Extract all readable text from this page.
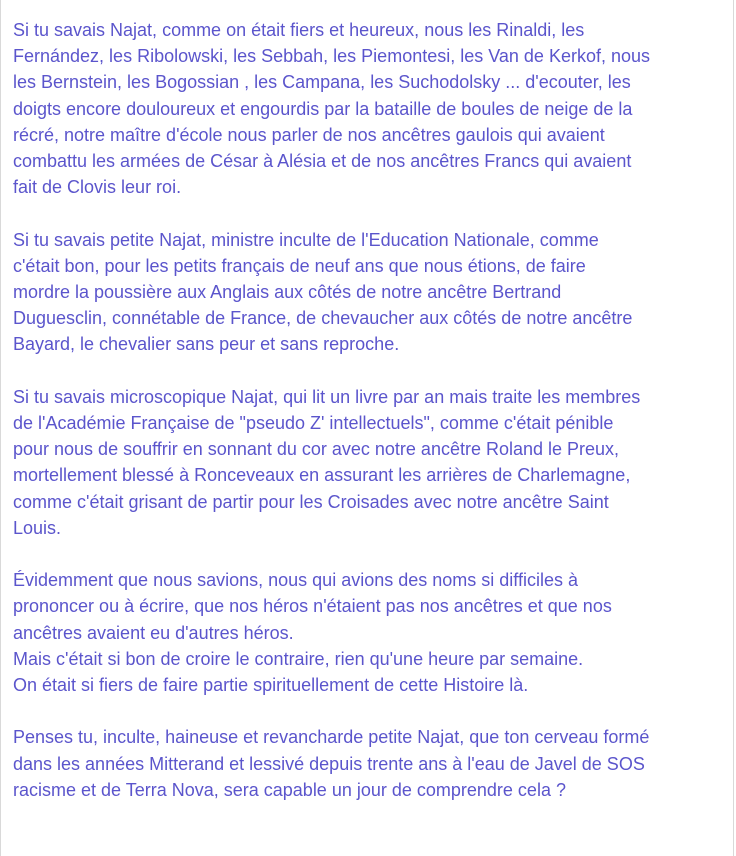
Si tu savais Najat, comme on était fiers et heureux, nous les Rinaldi, les
Fernández, les Ribolowski, les Sebbah, les Piemontesi, les Van de Kerkof, nous
les Bernstein, les Bogossian , les Campana, les Suchodolsky ... d'ecouter, les
doigts encore douloureux et engourdis par la bataille de boules de neige de la
récré, notre maître d'école nous parler de nos ancêtres gaulois qui avaient
combattu les armées de César à Alésia et de nos ancêtres Francs qui avaient
fait de Clovis leur roi.

Si tu savais petite Najat, ministre inculte de l'Education Nationale, comme
c'était bon, pour les petits français de neuf ans que nous étions, de faire
mordre la poussière aux Anglais aux côtés de notre ancêtre Bertrand
Duguesclin, connétable de France, de chevaucher aux côtés de notre ancêtre
Bayard, le chevalier sans peur et sans reproche.

Si tu savais microscopique Najat, qui lit un livre par an mais traite les membres
de l'Académie Française de "pseudo Z' intellectuels", comme c'était pénible
pour nous de souffrir en sonnant du cor avec notre ancêtre Roland le Preux,
mortellement blessé à Ronceveaux en assurant les arrières de Charlemagne,
comme c'était grisant de partir pour les Croisades avec notre ancêtre Saint
Louis.

Évidemment que nous savions, nous qui avions des noms si difficiles à
prononcer ou à écrire, que nos héros n'étaient pas nos ancêtres et que nos
ancêtres avaient eu d'autres héros.
Mais c'était si bon de croire le contraire, rien qu'une heure par semaine.
On était si fiers de faire partie spirituellement de cette Histoire là.

Penses tu, inculte, haineuse et revancharde petite Najat, que ton cerveau formé
dans les années Mitterand et lessivé depuis trente ans à l'eau de Javel de SOS
racisme et de Terra Nova, sera capable un jour de comprendre cela ?
